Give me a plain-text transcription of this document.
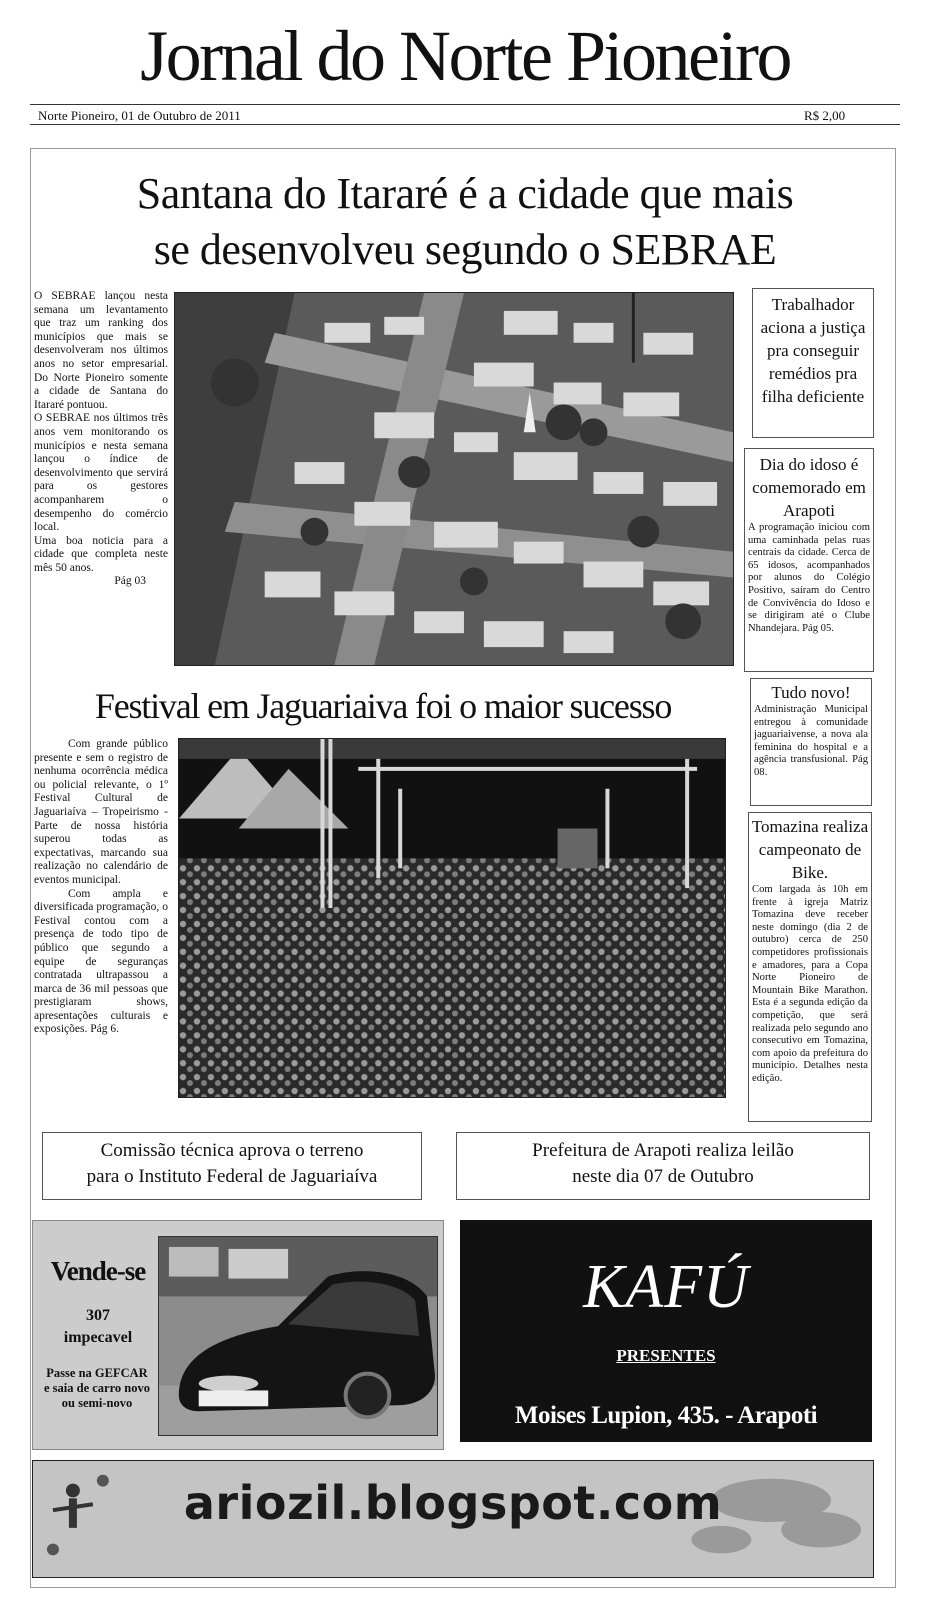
Jornal do Norte Pioneiro
Norte Pioneiro, 01 de Outubro de 2011	R$ 2,00
Santana do Itararé é a cidade que mais
se desenvolveu segundo o SEBRAE

O SEBRAE lançou nesta semana um levantamento que traz um ranking dos municípios que mais se desenvolveram nos últimos anos no setor empresarial. Do Norte Pioneiro somente a cidade de Santana do Itararé pontuou.

O SEBRAE nos últimos três anos vem monitorando os municípios e nesta semana lançou o índice de desenvolvimento que servirá para os gestores acompanharem o desempenho do comércio local.

Uma boa noticia para a cidade que completa neste mês 50 anos.

Pág 03

Trabalhador aciona a justiça pra conseguir remédios pra filha deficiente
Dia do idoso é comemorado em Arapoti
A programação iniciou com uma caminhada pelas ruas centrais da cidade. Cerca de 65 idosos, acompanhados por alunos do Colégio Positivo, saíram do Centro de Convivência do Idoso e se dirigiram até o Clube Nhandejara. Pág 05.
Tudo novo!
Administração Municipal entregou à comunidade jaguariaivense, a nova ala feminina do hospital e a agência transfusional. Pág 08.
Tomazina realiza campeonato de Bike.
Com largada às 10h em frente à igreja Matriz Tomazina deve receber neste domingo (dia 2 de outubro) cerca de 250 competidores profissionais e amadores, para a Copa Norte Pioneiro de Mountain Bike Marathon. Esta é a segunda edição da competição, que será realizada pelo segundo ano consecutivo em Tomazina, com apoio da prefeitura do município. Detalhes nesta edição.
Festival em Jaguariaiva foi o maior sucesso

Com grande público presente e sem o registro de nenhuma ocorrência médica ou policial relevante, o 1º Festival Cultural de Jaguariaíva – Tropeirismo - Parte de nossa história superou todas as expectativas, marcando sua realização no calendário de eventos municipal.

Com ampla e diversificada programação, o Festival contou com a presença de todo tipo de público que segundo a equipe de seguranças contratada ultrapassou a marca de 36 mil pessoas que prestigiaram shows, apresentações culturais e exposições. Pág 6.

Comissão técnica aprova o terreno
para o Instituto Federal de Jaguariaíva
Prefeitura de Arapoti realiza leilão
neste dia 07 de Outubro
Vende-se
307
impecavel
Passe na GEFCAR
e saia de carro novo
ou semi-novo
KAFÚ
PRESENTES
Moises Lupion, 435. - Arapoti
ariozil.blogspot.com
